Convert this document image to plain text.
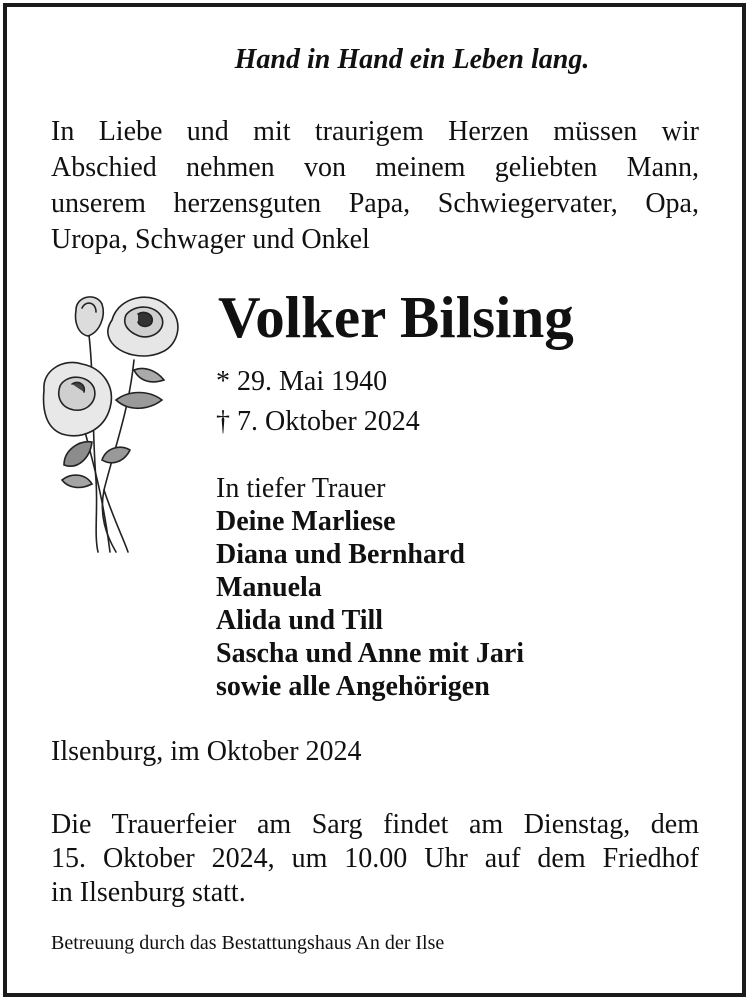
Hand in Hand ein Leben lang.
In Liebe und mit traurigem Herzen müssen wir
Abschied nehmen von meinem geliebten Mann,
unserem herzensguten Papa, Schwiegervater, Opa,
Uropa, Schwager und Onkel
Volker Bilsing
* 29. Mai 1940
† 7. Oktober 2024
In tiefer Trauer
Deine Marliese
Diana und Bernhard
Manuela
Alida und Till
Sascha und Anne mit Jari
sowie alle Angehörigen
Ilsenburg, im Oktober 2024
Die Trauerfeier am Sarg findet am Dienstag, dem
15. Oktober 2024, um 10.00 Uhr auf dem Friedhof
in Ilsenburg statt.
Betreuung durch das Bestattungshaus An der Ilse
